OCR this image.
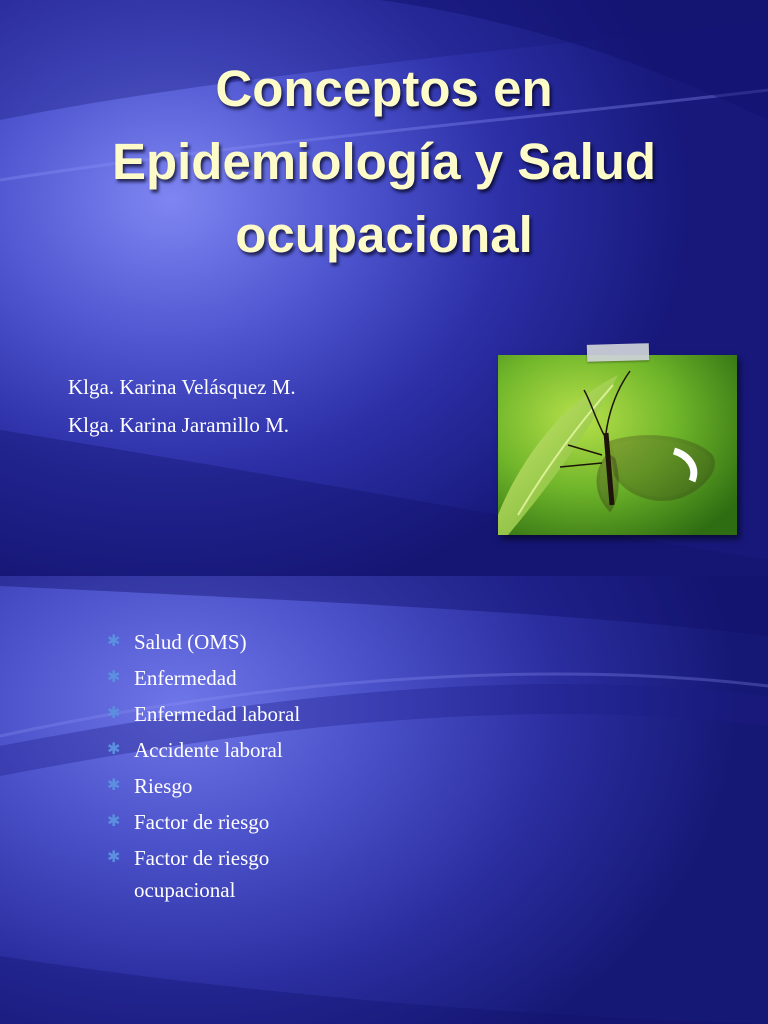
Conceptos en
Epidemiología y Salud
ocupacional
Klga. Karina Velásquez M.
Klga. Karina Jaramillo M.
✱ Salud (OMS)
✱ Enfermedad
✱ Enfermedad laboral
✱ Accidente laboral
✱ Riesgo
✱ Factor de riesgo
✱ Factor de riesgo ocupacional
